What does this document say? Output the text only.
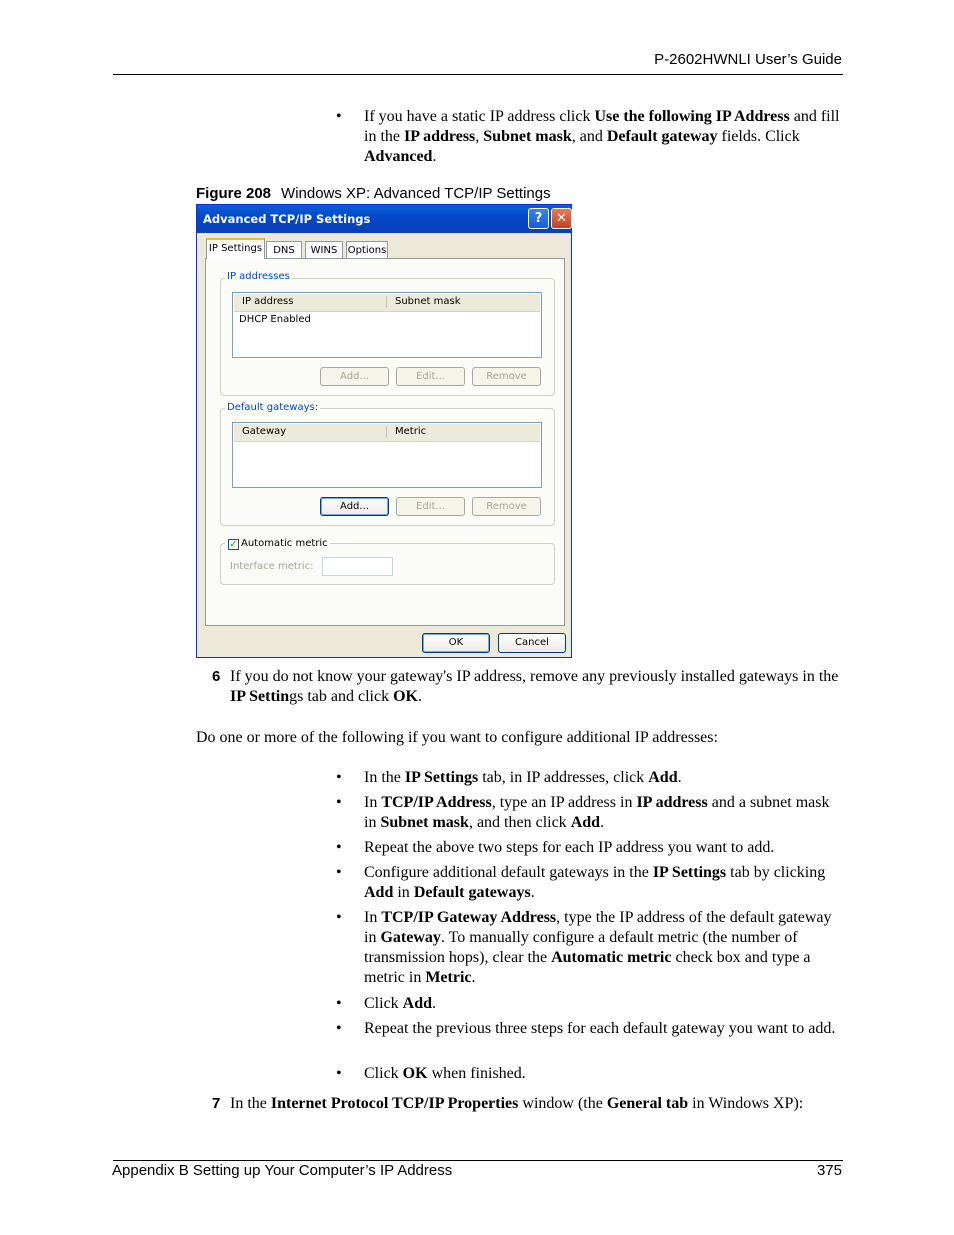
P-2602HWNLI User’s Guide
• If you have a static IP address click Use the following IP Address and fill in the IP address, Subnet mask, and Default gateway fields. Click Advanced.
Figure 208 Windows XP: Advanced TCP/IP Settings
Advanced TCP/IP Settings	?	✕
IP Settings	DNS	WINS	Options
IP addresses
IP address	Subnet mask
DHCP Enabled
Add...	Edit...	Remove
Default gateways:
Gateway	Metric
Add...	Edit...	Remove
Automatic metric
✓
Interface metric:
OK	Cancel
6 If you do not know your gateway's IP address, remove any previously installed gateways in the IP Settings tab and click OK.
Do one or more of the following if you want to configure additional IP addresses:
• In the IP Settings tab, in IP addresses, click Add.
• In TCP/IP Address, type an IP address in IP address and a subnet mask in Subnet mask, and then click Add.
• Repeat the above two steps for each IP address you want to add.
• Configure additional default gateways in the IP Settings tab by clicking Add in Default gateways.
• In TCP/IP Gateway Address, type the IP address of the default gateway in Gateway. To manually configure a default metric (the number of transmission hops), clear the Automatic metric check box and type a metric in Metric.
• Click Add.
• Repeat the previous three steps for each default gateway you want to add.
• Click OK when finished.
7 In the Internet Protocol TCP/IP Properties window (the General tab in Windows XP):
Appendix B Setting up Your Computer’s IP Address	375
